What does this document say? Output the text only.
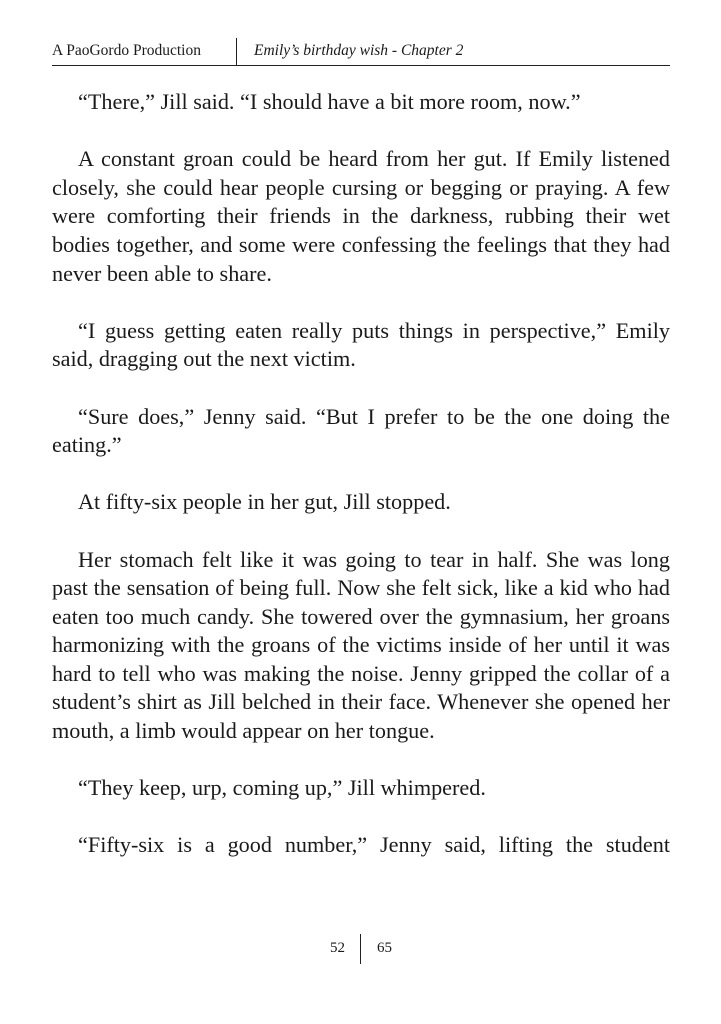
A PaoGordo Production	Emily’s birthday wish - Chapter 2

“There,” Jill said. “I should have a bit more room, now.”

A constant groan could be heard from her gut. If Emily listened closely, she could hear people cursing or begging or praying. A few were comforting their friends in the darkness, rubbing their wet bodies together, and some were confessing the feelings that they had never been able to share.

“I guess getting eaten really puts things in perspective,” Emily said, dragging out the next victim.

“Sure does,” Jenny said. “But I prefer to be the one doing the eating.”

At fifty-six people in her gut, Jill stopped.

Her stomach felt like it was going to tear in half. She was long past the sensation of being full. Now she felt sick, like a kid who had eaten too much candy. She towered over the gymnasium, her groans harmonizing with the groans of the victims inside of her until it was hard to tell who was making the noise. Jenny gripped the collar of a student’s shirt as Jill belched in their face. Whenever she opened her mouth, a limb would appear on her tongue.

“They keep, urp, coming up,” Jill whimpered.

“Fifty-six is a good number,” Jenny said, lifting the student

52 65
